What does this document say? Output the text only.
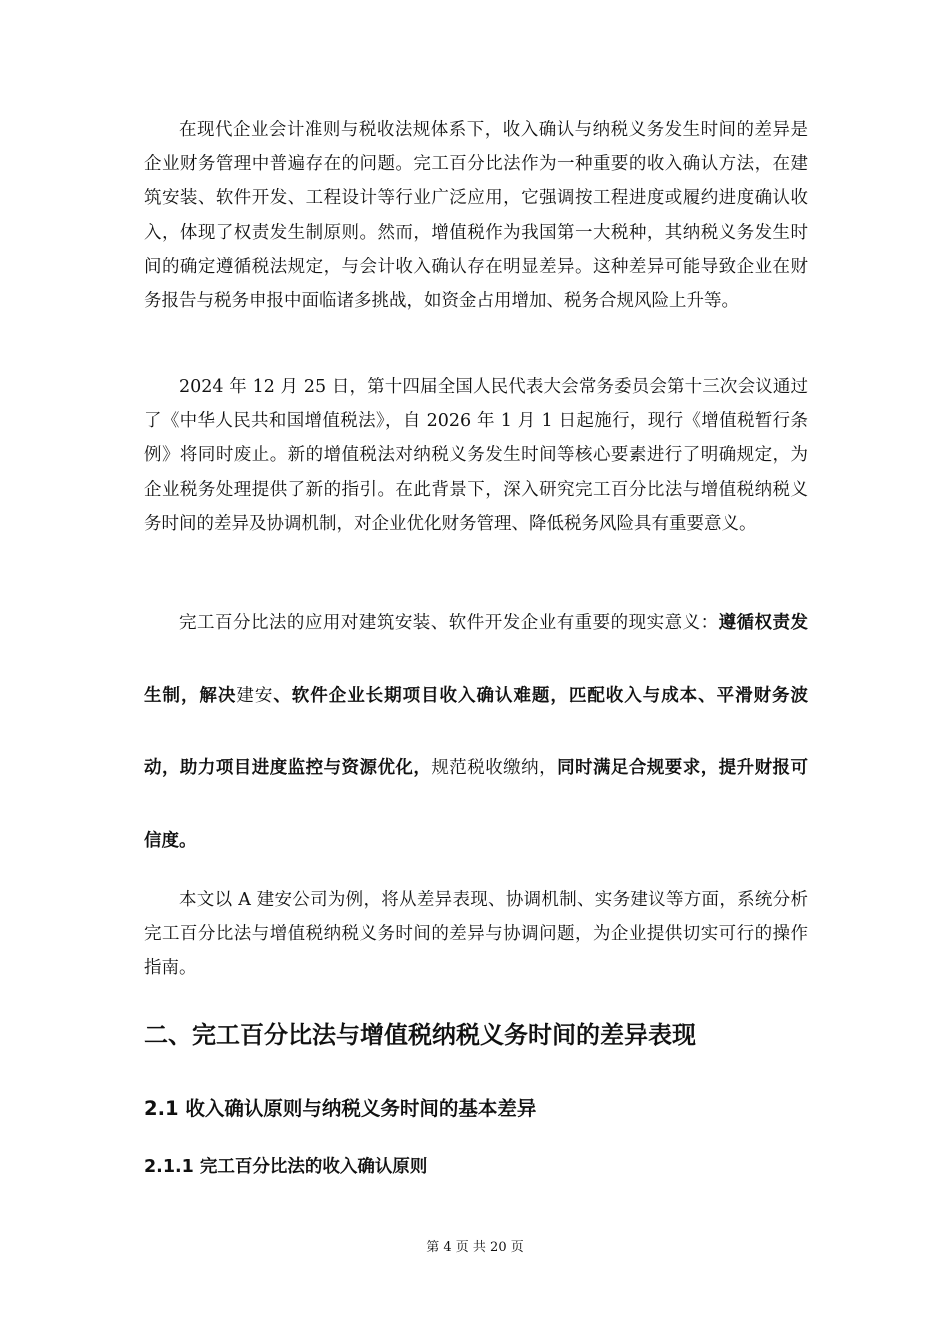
在现代企业会计准则与税收法规体系下，收入确认与纳税义务发生时间的差异是企业财务管理中普遍存在的问题。完工百分比法作为一种重要的收入确认方法，在建筑安装、软件开发、工程设计等行业广泛应用，它强调按工程进度或履约进度确认收入，体现了权责发生制原则。然而，增值税作为我国第一大税种，其纳税义务发生时间的确定遵循税法规定，与会计收入确认存在明显差异。这种差异可能导致企业在财务报告与税务申报中面临诸多挑战，如资金占用增加、税务合规风险上升等。

2024 年 12 月 25 日，第十四届全国人民代表大会常务委员会第十三次会议通过了《中华人民共和国增值税法》，自 2026 年 1 月 1 日起施行，现行《增值税暂行条例》将同时废止。新的增值税法对纳税义务发生时间等核心要素进行了明确规定，为企业税务处理提供了新的指引。在此背景下，深入研究完工百分比法与增值税纳税义务时间的差异及协调机制，对企业优化财务管理、降低税务风险具有重要意义。

完工百分比法的应用对建筑安装、软件开发企业有重要的现实意义：遵循权责发生制，解决建安、软件企业长期项目收入确认难题，匹配收入与成本、平滑财务波动，助力项目进度监控与资源优化，规范税收缴纳，同时满足合规要求，提升财报可信度。

本文以 A 建安公司为例，将从差异表现、协调机制、实务建议等方面，系统分析完工百分比法与增值税纳税义务时间的差异与协调问题，为企业提供切实可行的操作指南。

二、完工百分比法与增值税纳税义务时间的差异表现
2.1 收入确认原则与纳税义务时间的基本差异
2.1.1 完工百分比法的收入确认原则
第 4 页 共 20 页
